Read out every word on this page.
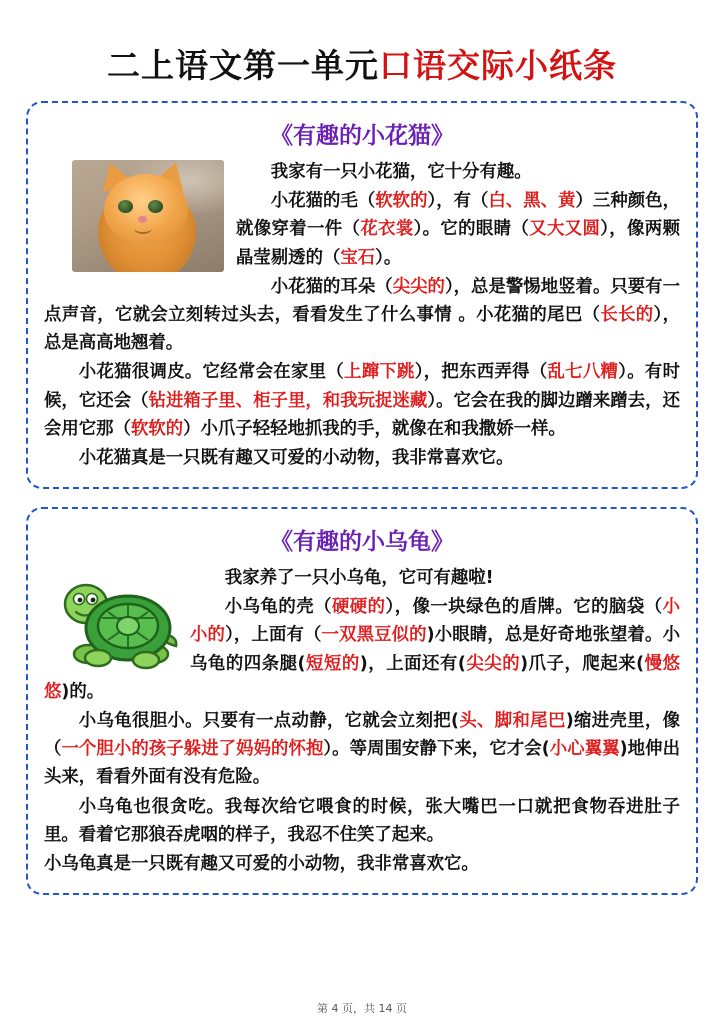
二上语文第一单元口语交际小纸条
《有趣的小花猫》

我家有一只小花猫，它十分有趣。

小花猫的毛（软软的），有（白、黑、黄）三种颜色，就像穿着一件（花衣裳）。它的眼睛（又大又圆），像两颗晶莹剔透的（宝石）。

小花猫的耳朵（尖尖的），总是警惕地竖着。只要有一点声音，它就会立刻转过头去，看看发生了什么事情 。小花猫的尾巴（长长的），总是高高地翘着。

小花猫很调皮。它经常会在家里（上蹿下跳），把东西弄得（乱七八糟）。有时候，它还会（钻进箱子里、柜子里，和我玩捉迷藏）。它会在我的脚边蹭来蹭去，还会用它那（软软的）小爪子轻轻地抓我的手，就像在和我撒娇一样。

小花猫真是一只既有趣又可爱的小动物，我非常喜欢它。

《有趣的小乌龟》

我家养了一只小乌龟，它可有趣啦!

小乌龟的壳（硬硬的），像一块绿色的盾牌。它的脑袋（小小的），上面有（一双黑豆似的)小眼睛，总是好奇地张望着。小乌龟的四条腿(短短的)，上面还有(尖尖的)爪子，爬起来(慢悠悠)的。

小乌龟很胆小。只要有一点动静，它就会立刻把(头、脚和尾巴)缩进壳里，像（一个胆小的孩子躲进了妈妈的怀抱）。等周围安静下来，它才会(小心翼翼)地伸出头来，看看外面有没有危险。

小乌龟也很贪吃。我每次给它喂食的时候，张大嘴巴一口就把食物吞进肚子里。看着它那狼吞虎咽的样子，我忍不住笑了起来。

小乌龟真是一只既有趣又可爱的小动物，我非常喜欢它。

第 4 页，共 14 页
